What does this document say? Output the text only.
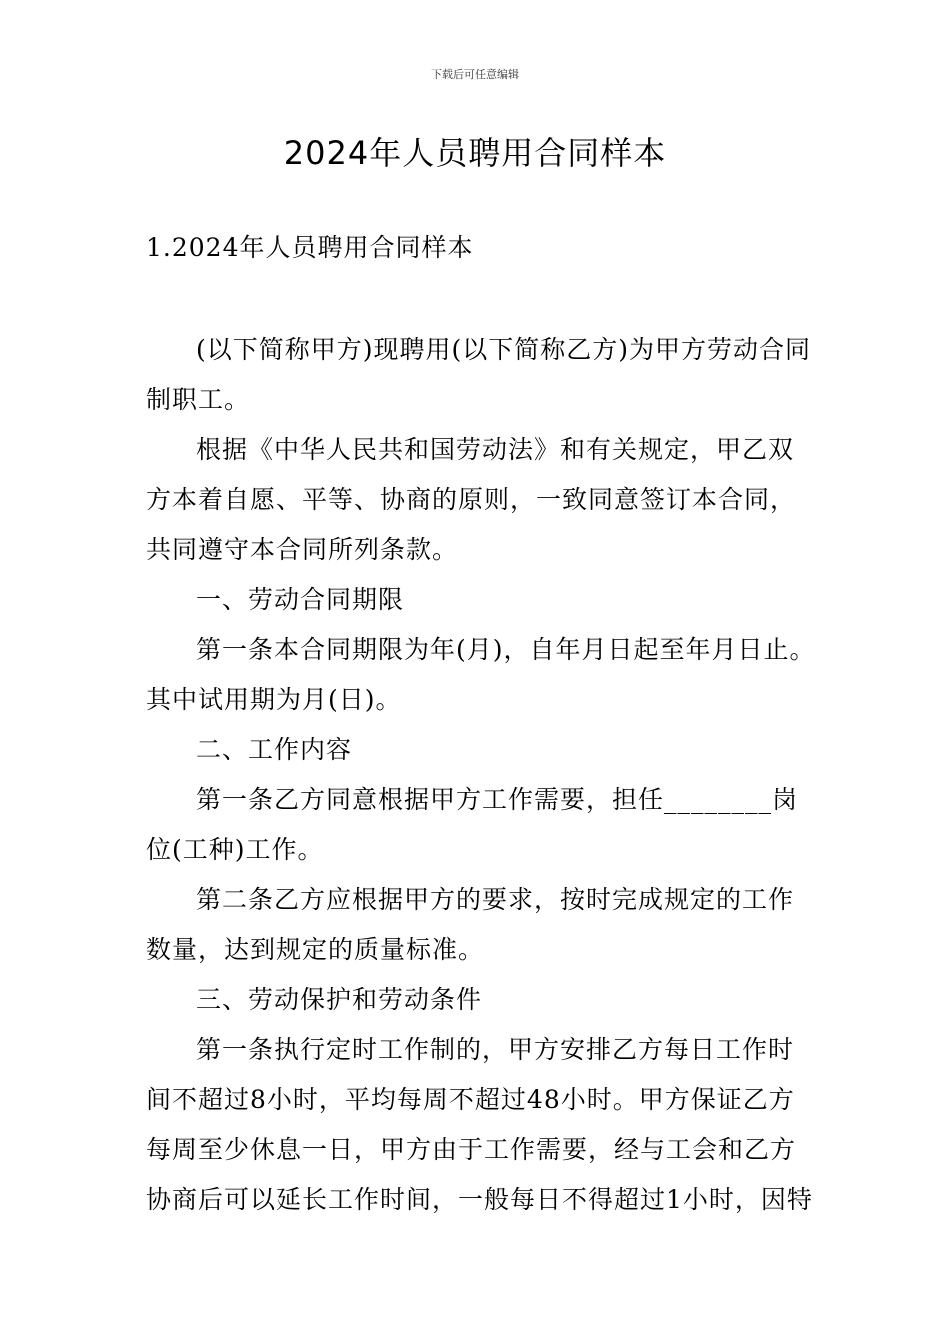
下载后可任意编辑
2024年人员聘用合同样本
1.2024年人员聘用合同样本

(以下简称甲方)现聘用(以下简称乙方)为甲方劳动合同制职工。

根据《中华人民共和国劳动法》和有关规定，甲乙双方本着自愿、平等、协商的原则，一致同意签订本合同，共同遵守本合同所列条款。

一、劳动合同期限

第一条本合同期限为年(月)，自年月日起至年月日止。其中试用期为月(日)。

二、工作内容

第一条乙方同意根据甲方工作需要，担任________岗位(工种)工作。

第二条乙方应根据甲方的要求，按时完成规定的工作数量，达到规定的质量标准。

三、劳动保护和劳动条件

第一条执行定时工作制的，甲方安排乙方每日工作时间不超过8小时，平均每周不超过48小时。甲方保证乙方每周至少休息一日，甲方由于工作需要，经与工会和乙方协商后可以延长工作时间，一般每日不得超过1小时，因特
